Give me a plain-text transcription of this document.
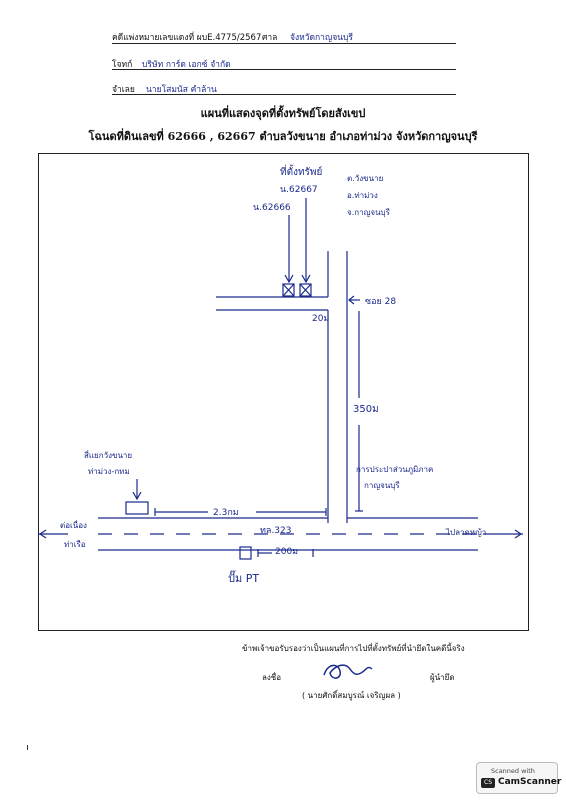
คดีแพ่งหมายเลขแดงที่ ผบE.4775/2567 ศาล จังหวัดกาญจนบุรี
โจทก์ บริษัท การ์ด เอกซ์ จำกัด
จำเลย นายโสมนัส คำล้าน
แผนที่แสดงจุดที่ตั้งทรัพย์โดยสังเขป
โฉนดที่ดินเลขที่ 62666 , 62667 ตำบลวังขนาย อำเภอท่าม่วง จังหวัดกาญจนบุรี
ที่ตั้งทรัพย์
น.62667
น.62666
ต.วังขนาย
อ.ท่าม่วง
จ.กาญจนบุรี
ซอย 28
20ม
350ม
การประปาส่วนภูมิภาค
กาญจนบุรี
สี่แยกวังขนาย
ท่าม่วง-กทม
2.3กม
ทล.323
ต่อเนื่อง
ท่าเรือ
ไปลาดหญ้า
200ม
ปั๊ม PT
ข้าพเจ้าขอรับรองว่าเป็นแผนที่การไปที่ตั้งทรัพย์ที่นำยึดในคดีนี้จริง
ลงชื่อ	ผู้นำยึด
( นายศักดิ์สมบูรณ์ เจริญผล )
Scanned with
CS CamScanner
